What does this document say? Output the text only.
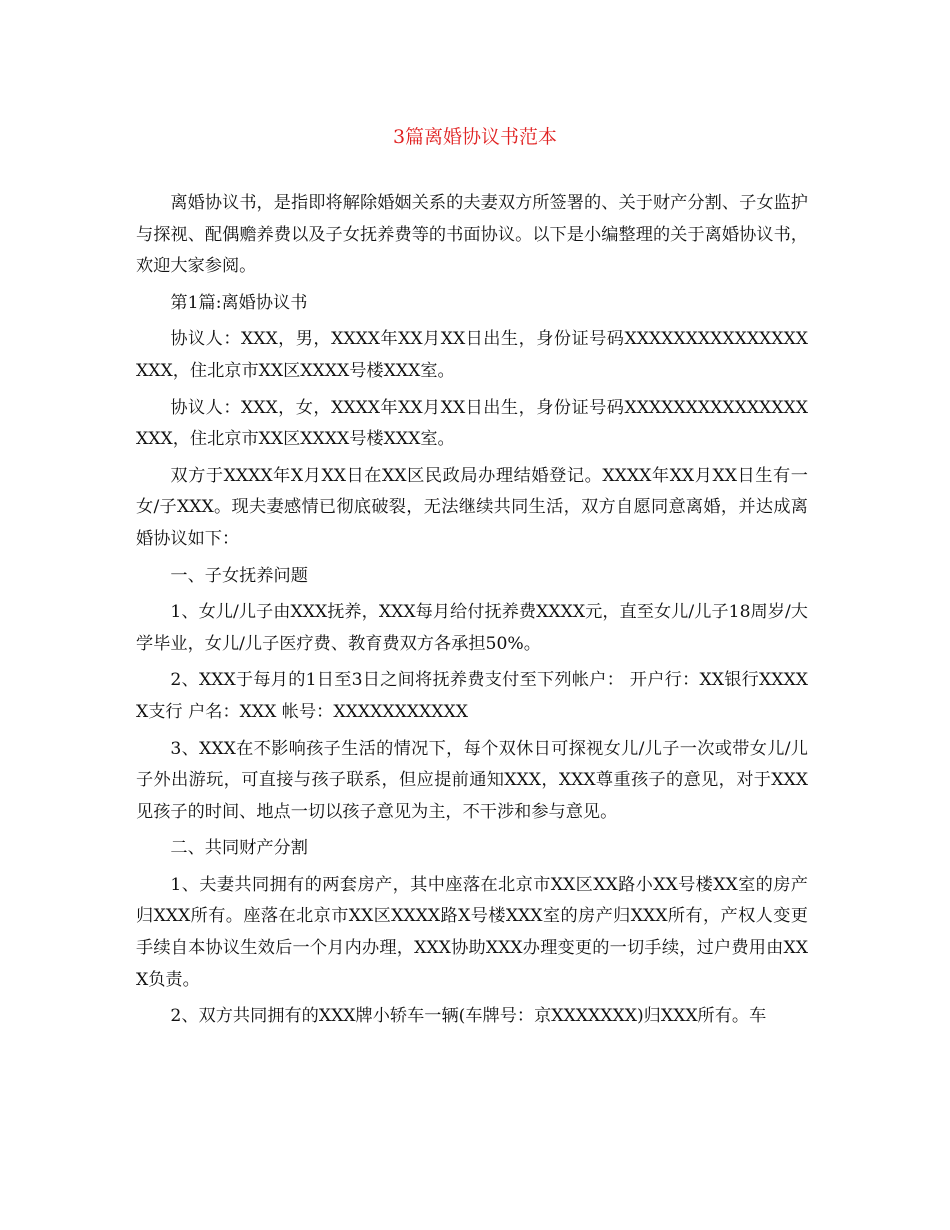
3篇离婚协议书范本

离婚协议书，是指即将解除婚姻关系的夫妻双方所签署的、关于财产分割、子女监护与探视、配偶赡养费以及子女抚养费等的书面协议。以下是小编整理的关于离婚协议书，欢迎大家参阅。

第1篇:离婚协议书

协议人：XXX，男，XXXX年XX月XX日出生，身份证号码XXXXXXXXXXXXXXXXXX，住北京市XX区XXXX号楼XXX室。

协议人：XXX，女，XXXX年XX月XX日出生，身份证号码XXXXXXXXXXXXXXXXXX，住北京市XX区XXXX号楼XXX室。

双方于XXXX年X月XX日在XX区民政局办理结婚登记。XXXX年XX月XX日生有一女/子XXX。现夫妻感情已彻底破裂，无法继续共同生活，双方自愿同意离婚，并达成离婚协议如下：

一、子女抚养问题

1、女儿/儿子由XXX抚养，XXX每月给付抚养费XXXX元，直至女儿/儿子18周岁/大学毕业，女儿/儿子医疗费、教育费双方各承担50%。

2、XXX于每月的1日至3日之间将抚养费支付至下列帐户： 开户行：XX银行XXXXX支行 户名：XXX 帐号：XXXXXXXXXXX

3、XXX在不影响孩子生活的情况下，每个双休日可探视女儿/儿子一次或带女儿/儿子外出游玩，可直接与孩子联系，但应提前通知XXX，XXX尊重孩子的意见，对于XXX见孩子的时间、地点一切以孩子意见为主，不干涉和参与意见。

二、共同财产分割

1、夫妻共同拥有的两套房产，其中座落在北京市XX区XX路小XX号楼XX室的房产归XXX所有。座落在北京市XX区XXXX路X号楼XXX室的房产归XXX所有，产权人变更手续自本协议生效后一个月内办理，XXX协助XXX办理变更的一切手续，过户费用由XXX负责。

2、双方共同拥有的XXX牌小轿车一辆(车牌号：京XXXXXXX)归XXX所有。车
